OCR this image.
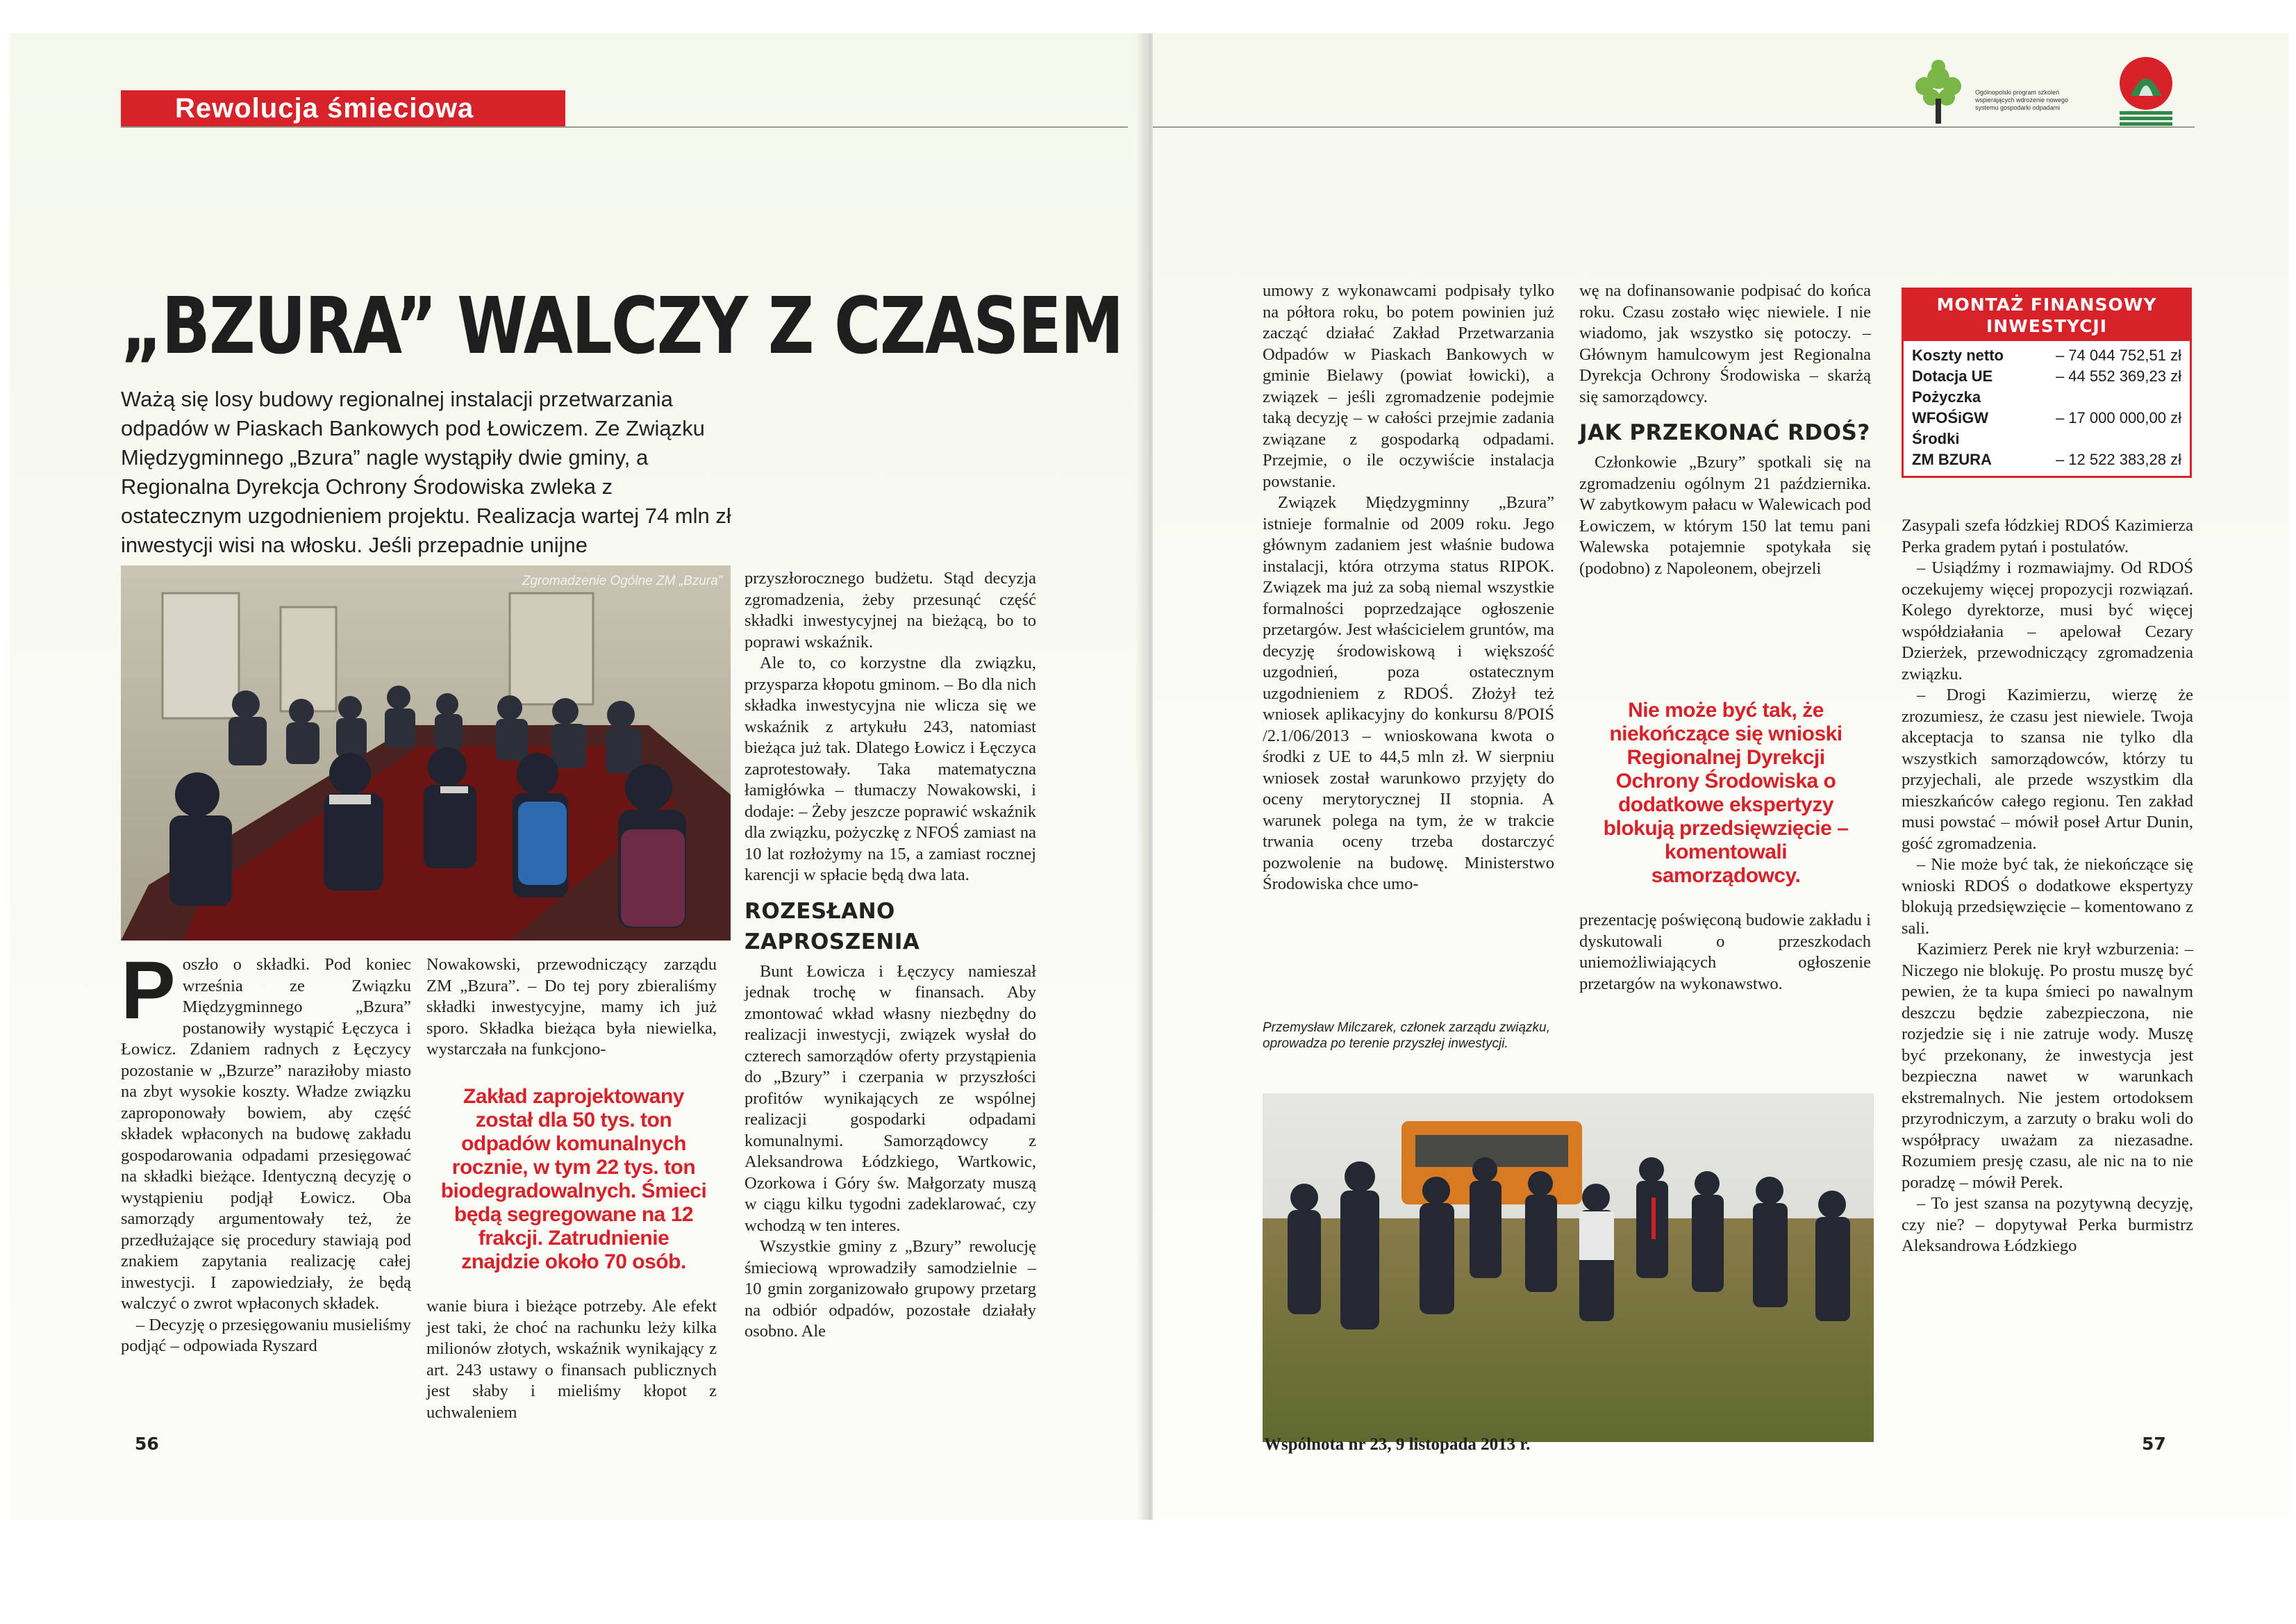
Rewolucja śmieciowa
„BZURA” WALCZY Z CZASEM
Ważą się losy budowy regionalnej instalacji przetwarzania odpadów w Piaskach Bankowych pod Łowiczem. Ze Związku Międzygminnego „Bzura” nagle wystąpiły dwie gminy, a Regionalna Dyrekcja Ochrony Środowiska zwleka z ostatecznym uzgodnieniem projektu. Realizacja wartej 74 mln zł inwestycji wisi na włosku. Jeśli przepadnie unijne
Zgromadzenie Ogólne ZM „Bzura”

Poszło o składki. Pod koniec września ze Związku Międzygminnego „Bzura” postanowiły wystąpić Łęczyca i Łowicz. Zdaniem radnych z Łęczycy pozostanie w „Bzurze” naraziłoby miasto na zbyt wysokie koszty. Władze związku zaproponowały bowiem, aby część składek wpłaconych na budowę zakładu gospodarowania odpadami przesięgować na składki bieżące. Identyczną decyzję o wystąpieniu podjął Łowicz. Oba samorządy argumentowały też, że przedłużające się procedury stawiają pod znakiem zapytania realizację całej inwestycji. I zapowiedziały, że będą walczyć o zwrot wpłaconych składek.

– Decyzję o przesięgowaniu musieliśmy podjąć – odpowiada Ryszard

Nowakowski, przewodniczący zarządu ZM „Bzura”. – Do tej pory zbieraliśmy składki inwestycyjne, mamy ich już sporo. Składka bieżąca była niewielka, wystarczała na funkcjono-

Zakład zaprojektowany został dla 50 tys. ton odpadów komunalnych rocznie, w tym 22 tys. ton biodegradowalnych. Śmieci będą segregowane na 12 frakcji. Zatrudnienie znajdzie około 70 osób.

wanie biura i bieżące potrzeby. Ale efekt jest taki, że choć na rachunku leży kilka milionów złotych, wskaźnik wynikający z art. 243 ustawy o finansach publicznych jest słaby i mieliśmy kłopot z uchwaleniem

przyszłorocznego budżetu. Stąd decyzja zgromadzenia, żeby przesunąć część składki inwestycyjnej na bieżącą, bo to poprawi wskaźnik.

Ale to, co korzystne dla związku, przysparza kłopotu gminom. – Bo dla nich składka inwestycyjna nie wlicza się we wskaźnik z artykułu 243, natomiast bieżąca już tak. Dlatego Łowicz i Łęczyca zaprotestowały. Taka matematyczna łamigłówka – tłumaczy Nowakowski, i dodaje: – Żeby jeszcze poprawić wskaźnik dla związku, pożyczkę z NFOŚ zamiast na 10 lat rozłożymy na 15, a zamiast rocznej karencji w spłacie będą dwa lata.

ROZESŁANO ZAPROSZENIA

Bunt Łowicza i Łęczycy namieszał jednak trochę w finansach. Aby zmontować wkład własny niezbędny do realizacji inwestycji, związek wysłał do czterech samorządów oferty przystąpienia do „Bzury” i czerpania w przyszłości profitów wynikających ze wspólnej realizacji gospodarki odpadami komunalnymi. Samorządowcy z Aleksandrowa Łódzkiego, Wartkowic, Ozorkowa i Góry św. Małgorzaty muszą w ciągu kilku tygodni zadeklarować, czy wchodzą w ten interes.

Wszystkie gminy z „Bzury” rewolucję śmieciową wprowadziły samodzielnie – 10 gmin zorganizowało grupowy przetarg na odbiór odpadów, pozostałe działały osobno. Ale

56
Ogólnopolski program szkoleń wspierających wdrożenie nowego systemu gospodarki odpadami

umowy z wykonawcami podpisały tylko na półtora roku, bo potem powinien już zacząć działać Zakład Przetwarzania Odpadów w Piaskach Bankowych w gminie Bielawy (powiat łowicki), a związek – jeśli zgromadzenie podejmie taką decyzję – w całości przejmie zadania związane z gospodarką odpadami. Przejmie, o ile oczywiście instalacja powstanie.

Związek Międzygminny „Bzura” istnieje formalnie od 2009 roku. Jego głównym zadaniem jest właśnie budowa instalacji, która otrzyma status RIPOK. Związek ma już za sobą niemal wszystkie formalności poprzedzające ogłoszenie przetargów. Jest właścicielem gruntów, ma decyzję środowiskową i większość uzgodnień, poza ostatecznym uzgodnieniem z RDOŚ. Złożył też wniosek aplikacyjny do konkursu 8/POIŚ /2.1/06/2013 – wnioskowana kwota o środki z UE to 44,5 mln zł. W sierpniu wniosek został warunkowo przyjęty do oceny merytorycznej II stopnia. A warunek polega na tym, że w trakcie trwania oceny trzeba dostarczyć pozwolenie na budowę. Ministerstwo Środowiska chce umo-

wę na dofinansowanie podpisać do końca roku. Czasu zostało więc niewiele. I nie wiadomo, jak wszystko się potoczy. – Głównym hamulcowym jest Regionalna Dyrekcja Ochrony Środowiska – skarżą się samorządowcy.

JAK PRZEKONAĆ RDOŚ?

Członkowie „Bzury” spotkali się na zgromadzeniu ogólnym 21 października. W zabytkowym pałacu w Walewicach pod Łowiczem, w którym 150 lat temu pani Walewska potajemnie spotykała się (podobno) z Napoleonem, obejrzeli

Nie może być tak, że niekończące się wnioski Regionalnej Dyrekcji Ochrony Środowiska o dodatkowe ekspertyzy blokują przedsięwzięcie – komentowali samorządowcy.

prezentację poświęconą budowie zakładu i dyskutowali o przeszkodach uniemożliwiających ogłoszenie przetargów na wykonawstwo.

Przemysław Milczarek, członek zarządu związku, oprowadza po terenie przyszłej inwestycji.
MONTAŻ FINANSOWY INWESTYCJI
Koszty netto	– 74 044 752,51 zł
Dotacja UE	– 44 552 369,23 zł
Pożyczka
WFOŚiGW	– 17 000 000,00 zł
Środki
ZM BZURA	– 12 522 383,28 zł

Zasypali szefa łódzkiej RDOŚ Kazimierza Perka gradem pytań i postulatów.

– Usiądźmy i rozmawiajmy. Od RDOŚ oczekujemy więcej propozycji rozwiązań. Kolego dyrektorze, musi być więcej współdziałania – apelował Cezary Dzierżek, przewodniczący zgromadzenia związku.

– Drogi Kazimierzu, wierzę że zrozumiesz, że czasu jest niewiele. Twoja akceptacja to szansa nie tylko dla wszystkich samorządowców, którzy tu przyjechali, ale przede wszystkim dla mieszkańców całego regionu. Ten zakład musi powstać – mówił poseł Artur Dunin, gość zgromadzenia.

– Nie może być tak, że niekończące się wnioski RDOŚ o dodatkowe ekspertyzy blokują przedsięwzięcie – komentowano z sali.

Kazimierz Perek nie krył wzburzenia: – Niczego nie blokuję. Po prostu muszę być pewien, że ta kupa śmieci po nawalnym deszczu będzie zabezpieczona, nie rozjedzie się i nie zatruje wody. Muszę być przekonany, że inwestycja jest bezpieczna nawet w warunkach ekstremalnych. Nie jestem ortodoksem przyrodniczym, a zarzuty o braku woli do współpracy uważam za niezasadne. Rozumiem presję czasu, ale nic na to nie poradzę – mówił Perek.

– To jest szansa na pozytywną decyzję, czy nie? – dopytywał Perka burmistrz Aleksandrowa Łódzkiego

Wspólnota nr 23, 9 listopada 2013 r.	57
